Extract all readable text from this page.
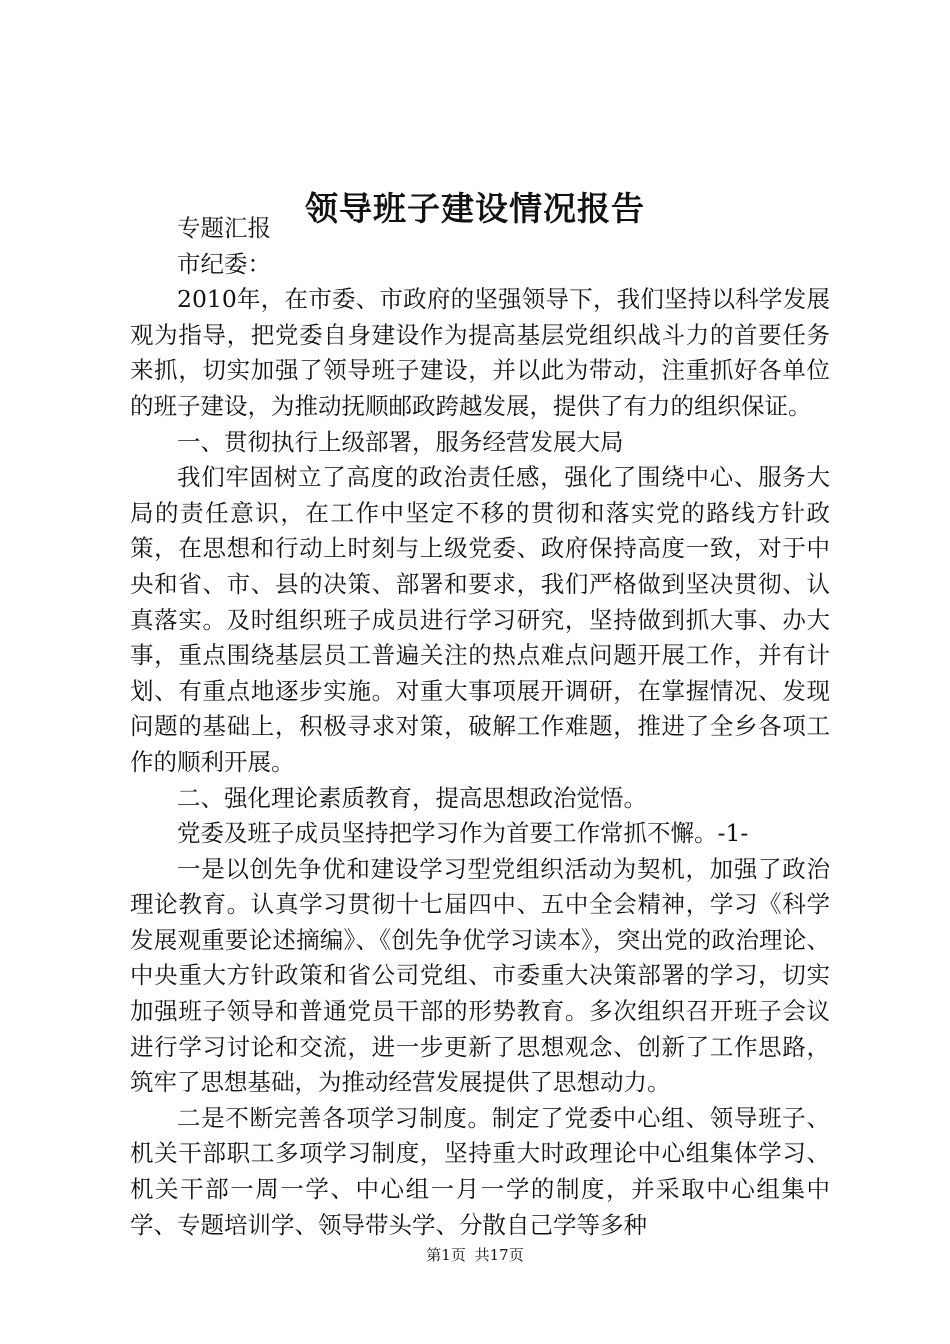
领导班子建设情况报告

专题汇报

市纪委：

2010年，在市委、市政府的坚强领导下，我们坚持以科学发展观为指导，把党委自身建设作为提高基层党组织战斗力的首要任务来抓，切实加强了领导班子建设，并以此为带动，注重抓好各单位的班子建设，为推动抚顺邮政跨越发展，提供了有力的组织保证。

一、贯彻执行上级部署，服务经营发展大局

我们牢固树立了高度的政治责任感，强化了围绕中心、服务大局的责任意识，在工作中坚定不移的贯彻和落实党的路线方针政策，在思想和行动上时刻与上级党委、政府保持高度一致，对于中央和省、市、县的决策、部署和要求，我们严格做到坚决贯彻、认真落实。及时组织班子成员进行学习研究，坚持做到抓大事、办大事，重点围绕基层员工普遍关注的热点难点问题开展工作，并有计划、有重点地逐步实施。对重大事项展开调研，在掌握情况、发现问题的基础上，积极寻求对策，破解工作难题，推进了全乡各项工作的顺利开展。

二、强化理论素质教育，提高思想政治觉悟。

党委及班子成员坚持把学习作为首要工作常抓不懈。-1-

一是以创先争优和建设学习型党组织活动为契机，加强了政治理论教育。认真学习贯彻十七届四中、五中全会精神，学习《科学发展观重要论述摘编》、《创先争优学习读本》，突出党的政治理论、中央重大方针政策和省公司党组、市委重大决策部署的学习，切实加强班子领导和普通党员干部的形势教育。多次组织召开班子会议进行学习讨论和交流，进一步更新了思想观念、创新了工作思路，筑牢了思想基础，为推动经营发展提供了思想动力。

二是不断完善各项学习制度。制定了党委中心组、领导班子、机关干部职工多项学习制度，坚持重大时政理论中心组集体学习、机关干部一周一学、中心组一月一学的制度，并采取中心组集中学、专题培训学、领导带头学、分散自己学等多种

第1页 共17页
